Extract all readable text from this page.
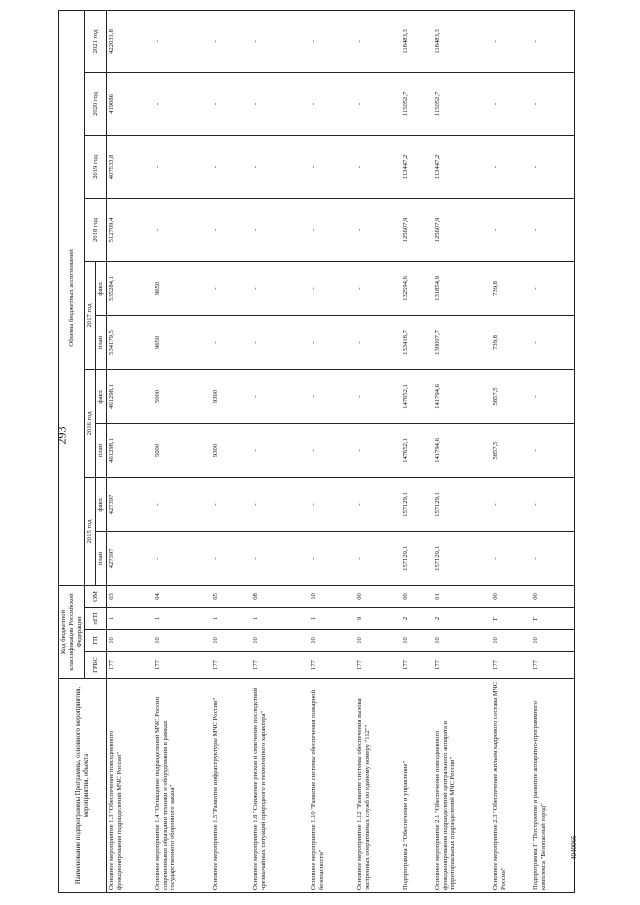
293
4040066
Наименование подпрограммы Программы, основного мероприятия, мероприятия, объекта	Код бюджетной классификации Российской Федерации				Объемы бюджетных ассигнований									
	ГРБС	ГП	пГП	ОМ	2015 год		2016 год		2017 год		2018 год	2019 год	2020 год	2021 год
					план	факт.	план	факт.	план	факт.				
Основное мероприятие 1.3 "Обеспечение повседневного функционирования подразделений МЧС России"	177	10	1	03	427397	427397	461298,1	461298,1	534179,5	535284,1	512709,4	407533,8	419086	422031,8
Основное мероприятие 1.4 "Оснащение подразделений МЧС России современными образцами техники и оборудования в рамках государственного оборонного заказа"	177	10	1	04	-	-	5000	5000	9650	9650	-	-	-	-
Основное мероприятие 1.5"Развитие инфраструктуры МЧС России"	177	10	1	05	-	-	9300	9300	-	-	-	-	-	-
Основное мероприятие 1.8 "Снижение рисков и смягчение последствий чрезвычайных ситуаций природного и техногенного характера"	177	10	1	08	-	-	-	-	-	-	-	-	-	-
Основное мероприятие 1.10 "Развитие системы обеспечения пожарной безопасности"	177	10	1	10	-	-	-	-	-	-	-	-	-	-
Основное мероприятие 1.12 "Развитие системы обеспечения вызова экстренных оперативных служб по единому номеру "112""	177	10	9	00	-	-	-	-	-	-	-	-	-	-
Подпрограмма 2 "Обеспечение и управление"	177	10	2	00	157129,1	157129,1	147652,1	147652,1	133418,7	132594,6	125607,9	113447,2	115052,7	118483,3
Основное мероприятие 2.1 "Обеспечение повседневного функционирования подразделений центрального аппарата и территориальных подразделений МЧС России"	177	10	2	01	157129,1	157129,1	141794,6	141794,6	130007,7	131854,9	125607,9	113447,2	115052,7	118483,3
Основное мероприятие 2.3 "Обеспечение жильем кадрового состава МЧС России"	177	10	Г	00	-	-	5857,5	5857,5	739,8	739,8	-	-	-	-
Подпрограмма Г "Построение и развитие аппаратно-программного комплекса "Безопасный город"	177	10	Г	00	-	-	-	-	-	-	-	-	-	-
